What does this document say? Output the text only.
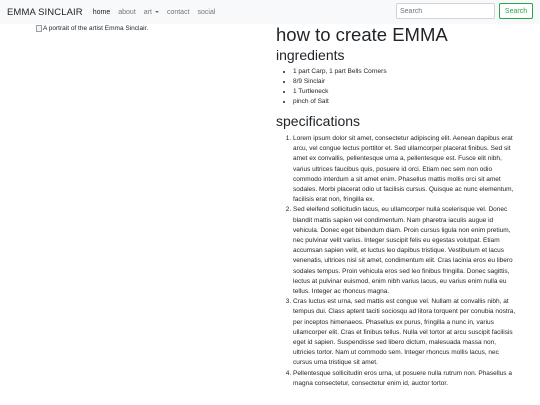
EMMA SINCLAIR home about art	contact social
Search	Search
A portrait of the artist Emma Sinclair.	how to create EMMA
ingredients
• 1 part Carp, 1 part Bells Corners
• 8/9 Sinclair
• 1 Turtleneck
• pinch of Salt
specifications
1. Lorem ipsum dolor sit amet, consectetur adipiscing elit. Aenean dapibus erat arcu, vel congue lectus porttitor et. Sed ullamcorper placerat finibus. Sed sit amet ex convallis, pellentesque urna a, pellentesque est. Fusce elit nibh, varius ultrices faucibus quis, posuere id orci. Etiam nec sem non odio commodo interdum a sit amet enim. Phasellus mattis mollis orci sit amet sodales. Morbi placerat odio ut facilisis cursus. Quisque ac nunc elementum, facilisis erat non, fringilla ex.
2. Sed eleifend sollicitudin lacus, eu ullamcorper nulla scelerisque vel. Donec blandit mattis sapien vel condimentum. Nam pharetra iaculis augue id vehicula. Donec eget bibendum diam. Proin cursus ligula non enim pretium, nec pulvinar velit varius. Integer suscipit felis eu egestas volutpat. Etiam accumsan sapien velit, et luctus leo dapibus tristique. Vestibulum et lacus venenatis, ultrices nisl sit amet, condimentum elit. Cras lacinia eros eu libero sodales tempus. Proin vehicula eros sed leo finibus fringilla. Donec sagittis, lectus at pulvinar euismod, enim nibh varius lacus, eu varius enim nulla eu tellus. Integer ac rhoncus magna.
3. Cras luctus est urna, sed mattis est congue vel. Nullam at convallis nibh, at tempus dui. Class aptent taciti sociosqu ad litora torquent per conubia nostra, per inceptos himenaeos. Phasellus ex purus, fringilla a nunc in, varius ullamcorper elit. Cras et finibus tellus. Nulla vel tortor at arcu suscipit facilisis eget id sapien. Suspendisse sed libero dictum, malesuada massa non, ultricies tortor. Nam ut commodo sem. Integer rhoncus mollis lacus, nec cursus urna tristique sit amet.
4. Pellentesque sollicitudin eros urna, ut posuere nulla rutrum non. Phasellus a magna consectetur, consectetur enim id, auctor tortor.
